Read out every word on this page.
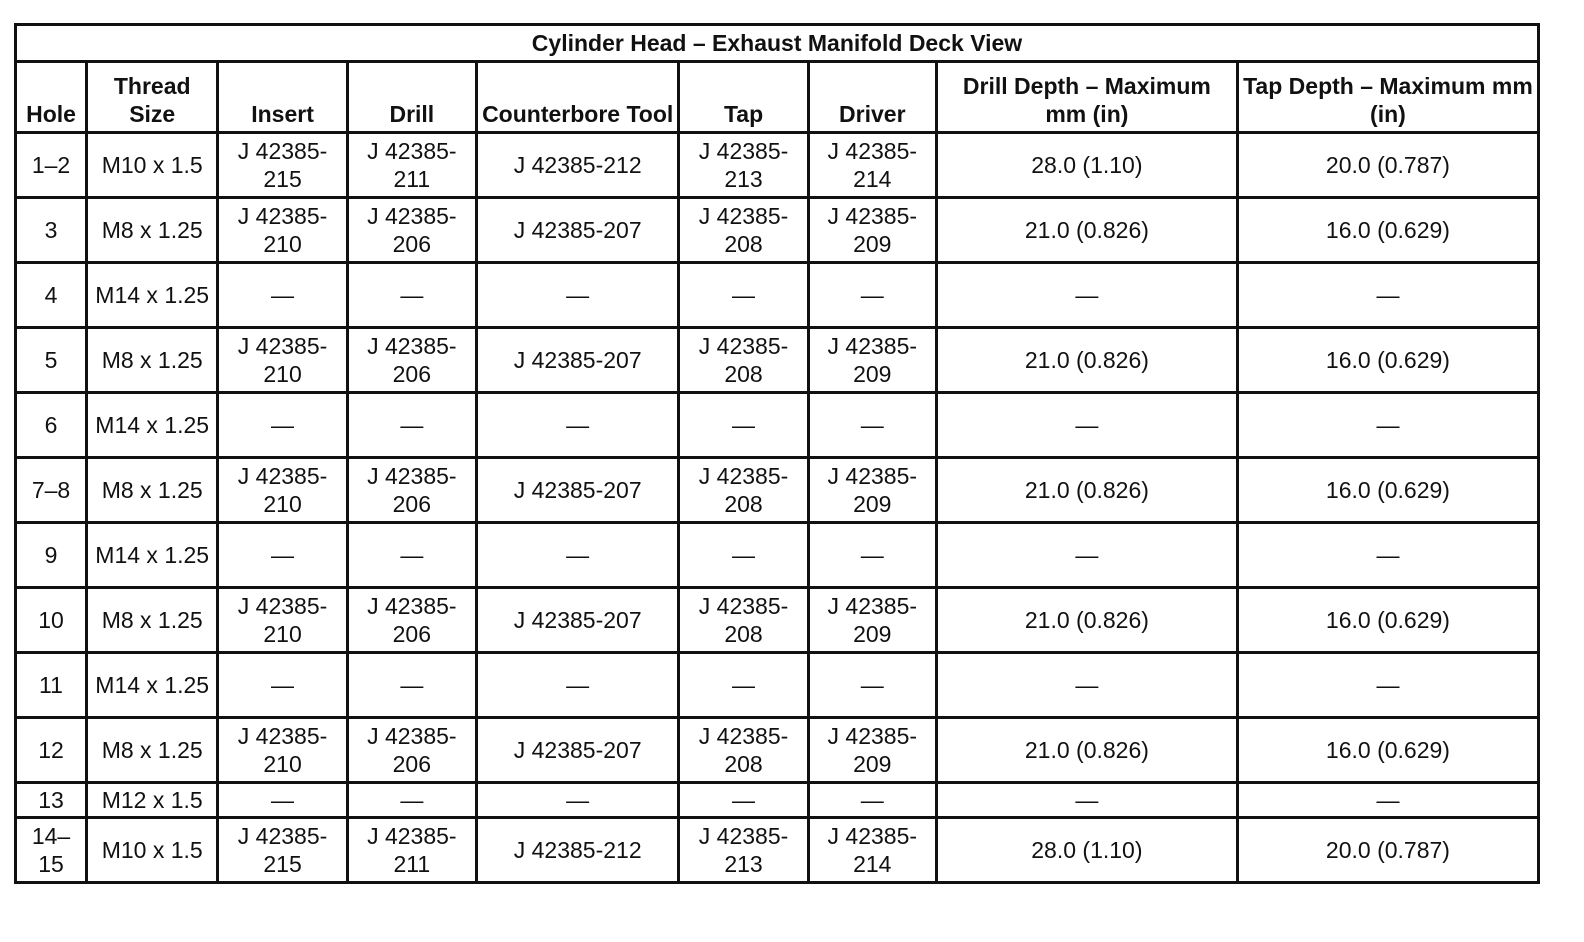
Cylinder Head – Exhaust Manifold Deck View								
Hole	Thread Size	Insert	Drill	Counterbore Tool	Tap	Driver	Drill Depth – Maximum mm (in)	Tap Depth – Maximum mm (in)
1–2	M10 x 1.5	J 42385-215	J 42385-211	J 42385-212	J 42385-213	J 42385-214	28.0 (1.10)	20.0 (0.787)
3	M8 x 1.25	J 42385-210	J 42385-206	J 42385-207	J 42385-208	J 42385-209	21.0 (0.826)	16.0 (0.629)
4	M14 x 1.25	—	—	—	—	—	—	—
5	M8 x 1.25	J 42385-210	J 42385-206	J 42385-207	J 42385-208	J 42385-209	21.0 (0.826)	16.0 (0.629)
6	M14 x 1.25	—	—	—	—	—	—	—
7–8	M8 x 1.25	J 42385-210	J 42385-206	J 42385-207	J 42385-208	J 42385-209	21.0 (0.826)	16.0 (0.629)
9	M14 x 1.25	—	—	—	—	—	—	—
10	M8 x 1.25	J 42385-210	J 42385-206	J 42385-207	J 42385-208	J 42385-209	21.0 (0.826)	16.0 (0.629)
11	M14 x 1.25	—	—	—	—	—	—	—
12	M8 x 1.25	J 42385-210	J 42385-206	J 42385-207	J 42385-208	J 42385-209	21.0 (0.826)	16.0 (0.629)
13	M12 x 1.5	—	—	—	—	—	—	—
14–15	M10 x 1.5	J 42385-215	J 42385-211	J 42385-212	J 42385-213	J 42385-214	28.0 (1.10)	20.0 (0.787)
